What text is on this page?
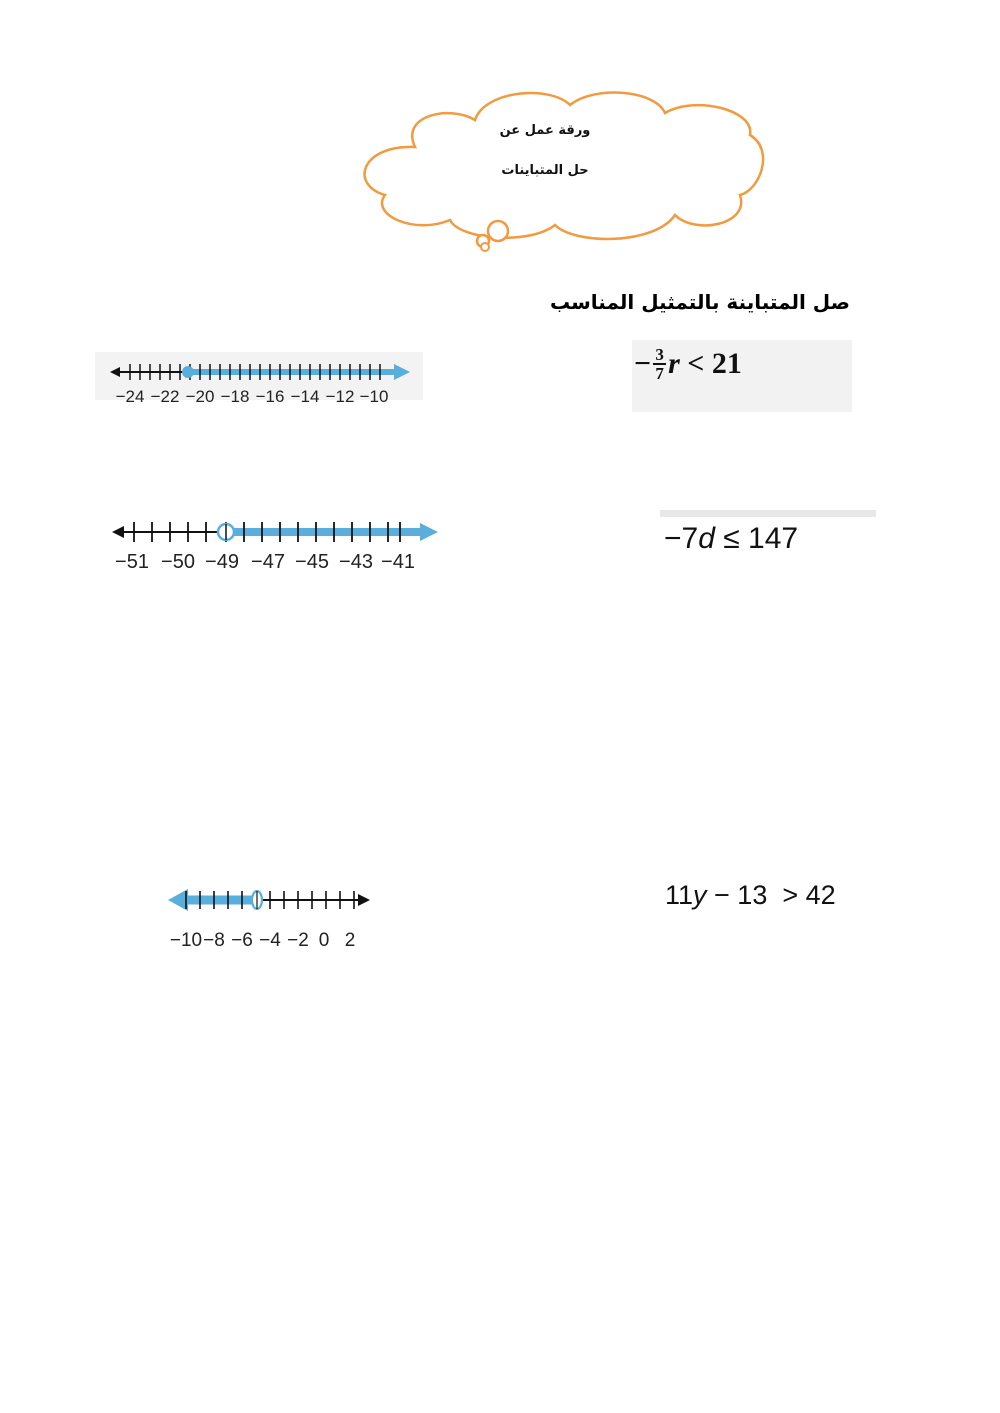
ورقة عمل عن
حل المتباينات
صل المتباينة بالتمثيل المناسب
−24 −22 −20 −18 −16 −14 −12 −10
−51 −50 −49 −47 −45 −43 −41
−10 −8 −6 −4 −2 0 2
− $\frac{3}{7}$ r < 21
−7d ≤ 147
11y − 13  > 42
